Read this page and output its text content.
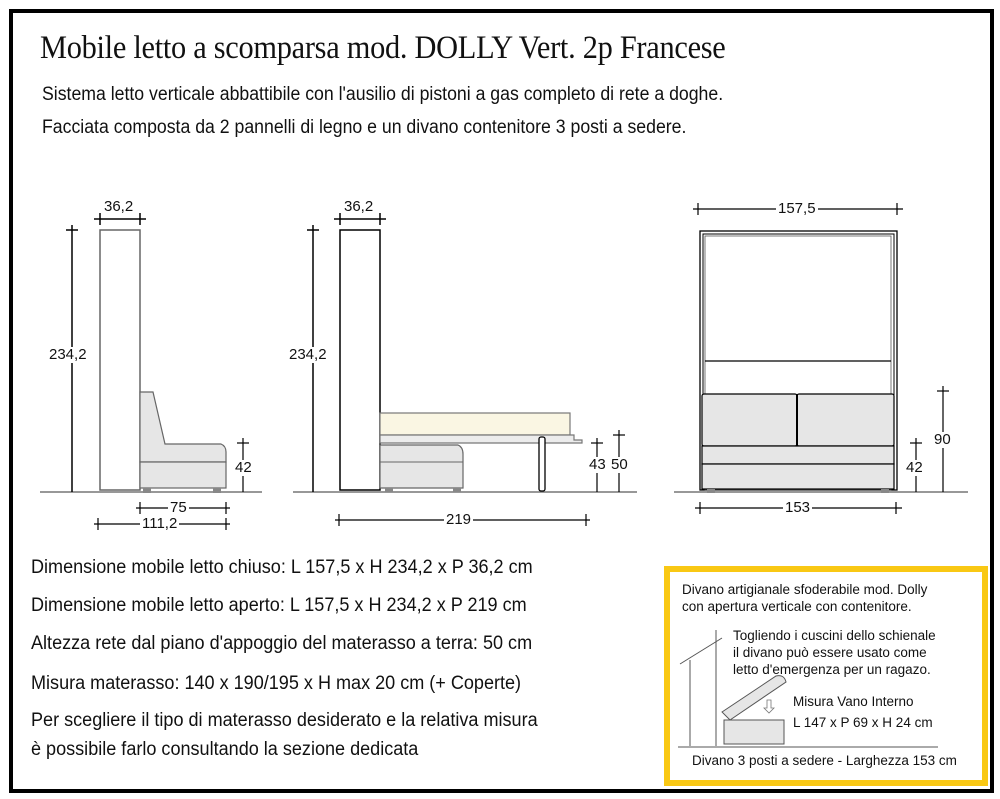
Mobile letto a scomparsa mod. DOLLY Vert. 2p Francese
Sistema letto verticale abbattibile con l'ausilio di pistoni a gas completo di rete a doghe.
Facciata composta da 2 pannelli di legno e un divano contenitore 3 posti a sedere.
36,2
234,2
42
75
111,2
36,2
234,2
43 50
219
157,5
42
90
153
Dimensione mobile letto chiuso: L 157,5 x H 234,2 x P 36,2 cm
Dimensione mobile letto aperto: L 157,5 x H 234,2 x P 219 cm
Altezza rete dal piano d'appoggio del materasso a terra: 50 cm
Misura materasso: 140 x 190/195 x H max 20 cm (+ Coperte)
Per scegliere il tipo di materasso desiderato e la relativa misura
è possibile farlo consultando la sezione dedicata
Divano artigianale sfoderabile mod. Dolly
con apertura verticale con contenitore.
Togliendo i cuscini dello schienale
il divano può essere usato come
letto d'emergenza per un ragazo.
Misura Vano Interno
L 147 x P 69 x H 24 cm
Divano 3 posti a sedere - Larghezza 153 cm
